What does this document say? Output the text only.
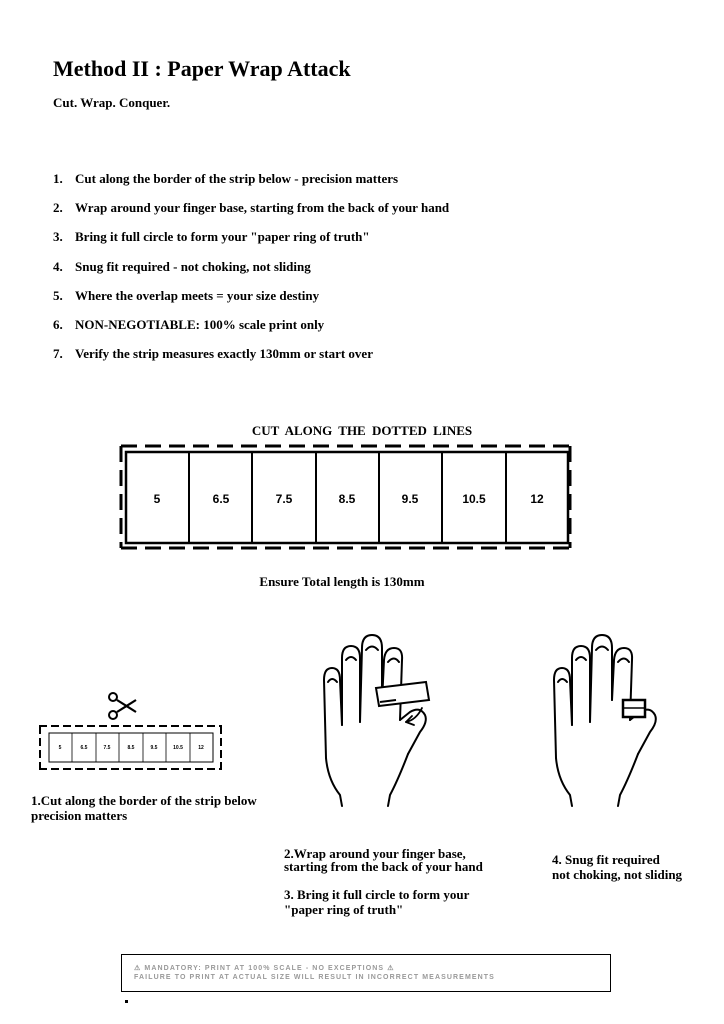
Method II : Paper Wrap Attack
Cut. Wrap. Conquer.
1. Cut along the border of the strip below - precision matters
2. Wrap around your finger base, starting from the back of your hand
3. Bring it full circle to form your "paper ring of truth"
4. Snug fit required - not choking, not sliding
5. Where the overlap meets = your size destiny
6. NON-NEGOTIABLE: 100% scale print only
7. Verify the strip measures exactly 130mm or start over
CUT ALONG THE DOTTED LINES
5	6.5	7.5	8.5	9.5	10.5	12
Ensure Total length is 130mm
5	6.5	7.5	8.5	9.5	10.5	12
1.Cut along the border of the strip below
precision matters
2.Wrap around your finger base,
starting from the back of your hand
3. Bring it full circle to form your
"paper ring of truth"
4. Snug fit required
not choking, not sliding
⚠ MANDATORY: PRINT AT 100% SCALE - NO EXCEPTIONS ⚠
FAILURE TO PRINT AT ACTUAL SIZE WILL RESULT IN INCORRECT MEASUREMENTS
